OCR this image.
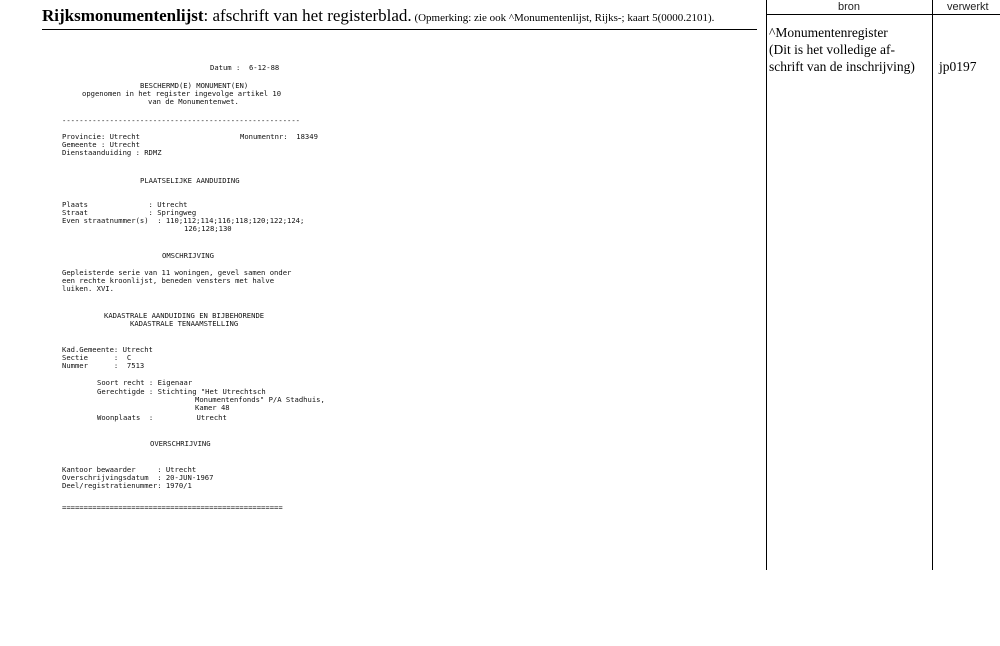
Rijksmonumentenlijst: afschrift van het registerblad. (Opmerking: zie ook ^Monumentenlijst, Rijks-; kaart 5(0000.2101).
bron	verwerkt
^Monumentenregister
(Dit is het volledige af-
schrift van de inschrijving) jp0197
Datum :  6-12-88
BESCHERMD(E) MONUMENT(EN)
opgenomen in het register ingevolge artikel 10
van de Monumentenwet.
-------------------------------------------------------
Provincie: Utrecht	Monumentnr:  18349
Gemeente : Utrecht
Dienstaanduiding : RDMZ
PLAATSELIJKE AANDUIDING
Plaats              : Utrecht
Straat              : Springweg
Even straatnummer(s)  : 110;112;114;116;118;120;122;124;
126;128;130
OMSCHRIJVING
Gepleisterde serie van 11 woningen, gevel samen onder
een rechte kroonlijst, beneden vensters met halve
luiken. XVI.
KADASTRALE AANDUIDING EN BIJBEHORENDE
KADASTRALE TENAAMSTELLING
Kad.Gemeente: Utrecht
Sectie      :  C
Nummer      :  7513
Soort recht : Eigenaar
Gerechtigde : Stichting "Het Utrechtsch
Monumentenfonds" P/A Stadhuis,
Kamer 48
Woonplaats  :          Utrecht
OVERSCHRIJVING
Kantoor bewaarder     : Utrecht
Overschrijvingsdatum  : 20-JUN-1967
Deel/registratienummer: 1970/1
===================================================
